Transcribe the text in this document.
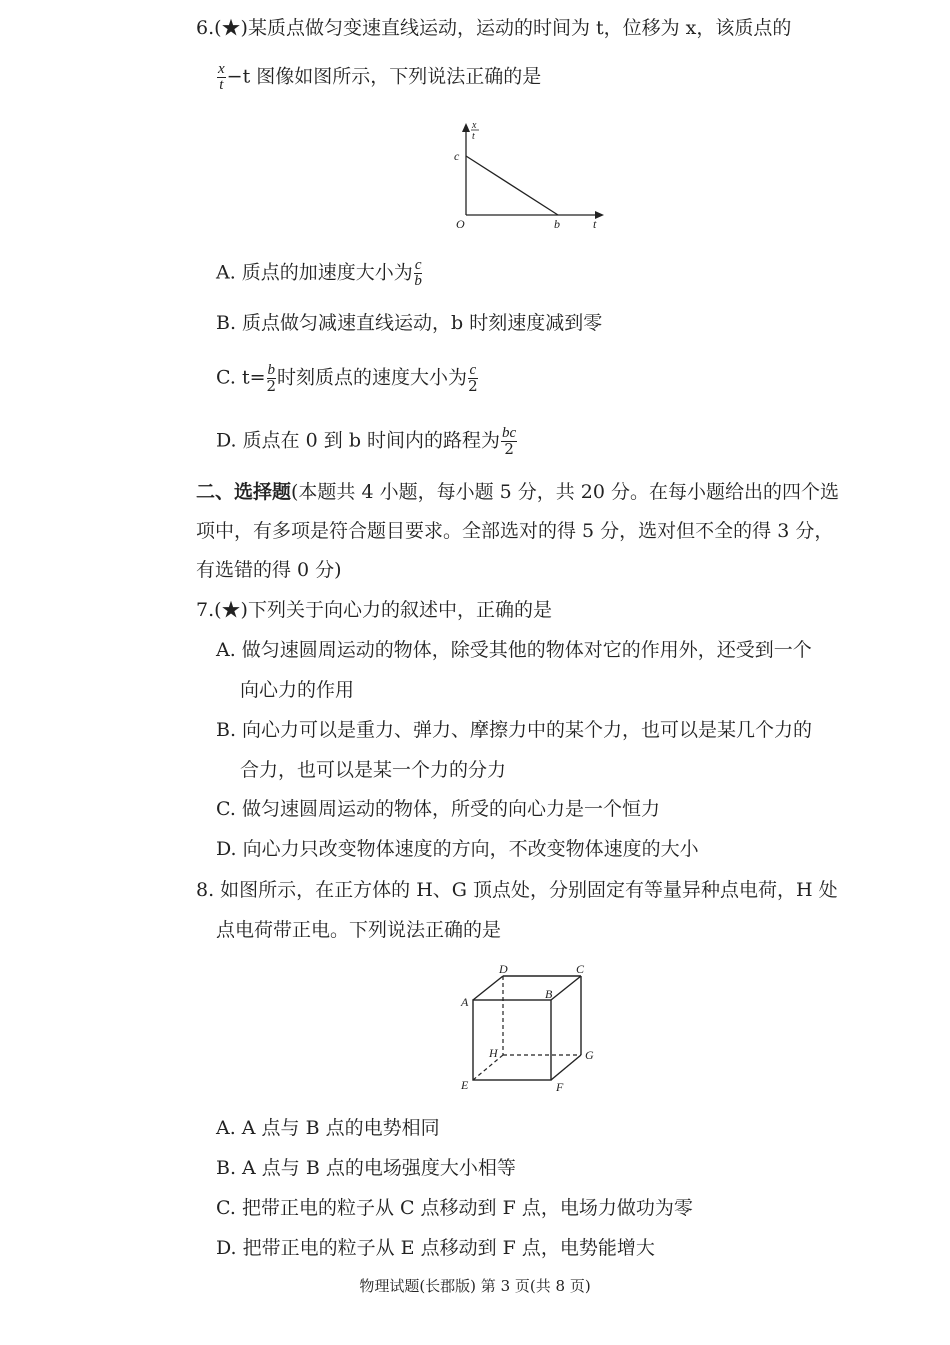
6.(★)某质点做匀变速直线运动，运动的时间为 t，位移为 x，该质点的
$\frac{x}{t} -t$ 图像如图所示，下列说法正确的是
x
t
c
O	b	t
A. 质点的加速度大小为 $\frac{c}{b}$
B. 质点做匀减速直线运动，b 时刻速度减到零
C. $t= \frac{b}{2}$ 时刻质点的速度大小为 $\frac{c}{2}$
D. 质点在 0 到 b 时间内的路程为 $\frac{bc}{2}$
二、选择题(本题共 4 小题，每小题 5 分，共 20 分。在每小题给出的四个选
项中，有多项是符合题目要求。全部选对的得 5 分，选对但不全的得 3 分，
有选错的得 0 分)
7.(★)下列关于向心力的叙述中，正确的是
A. 做匀速圆周运动的物体，除受其他的物体对它的作用外，还受到一个
向心力的作用
B. 向心力可以是重力、弹力、摩擦力中的某个力，也可以是某几个力的
合力，也可以是某一个力的分力
C. 做匀速圆周运动的物体，所受的向心力是一个恒力
D. 向心力只改变物体速度的方向，不改变物体速度的大小
8. 如图所示，在正方体的 H、G 顶点处，分别固定有等量异种点电荷，H 处
点电荷带正电。下列说法正确的是
A
B
C
D
E	F
G
H
A. A 点与 B 点的电势相同
B. A 点与 B 点的电场强度大小相等
C. 把带正电的粒子从 C 点移动到 F 点，电场力做功为零
D. 把带正电的粒子从 E 点移动到 F 点，电势能增大
物理试题(长郡版) 第 3 页(共 8 页)
